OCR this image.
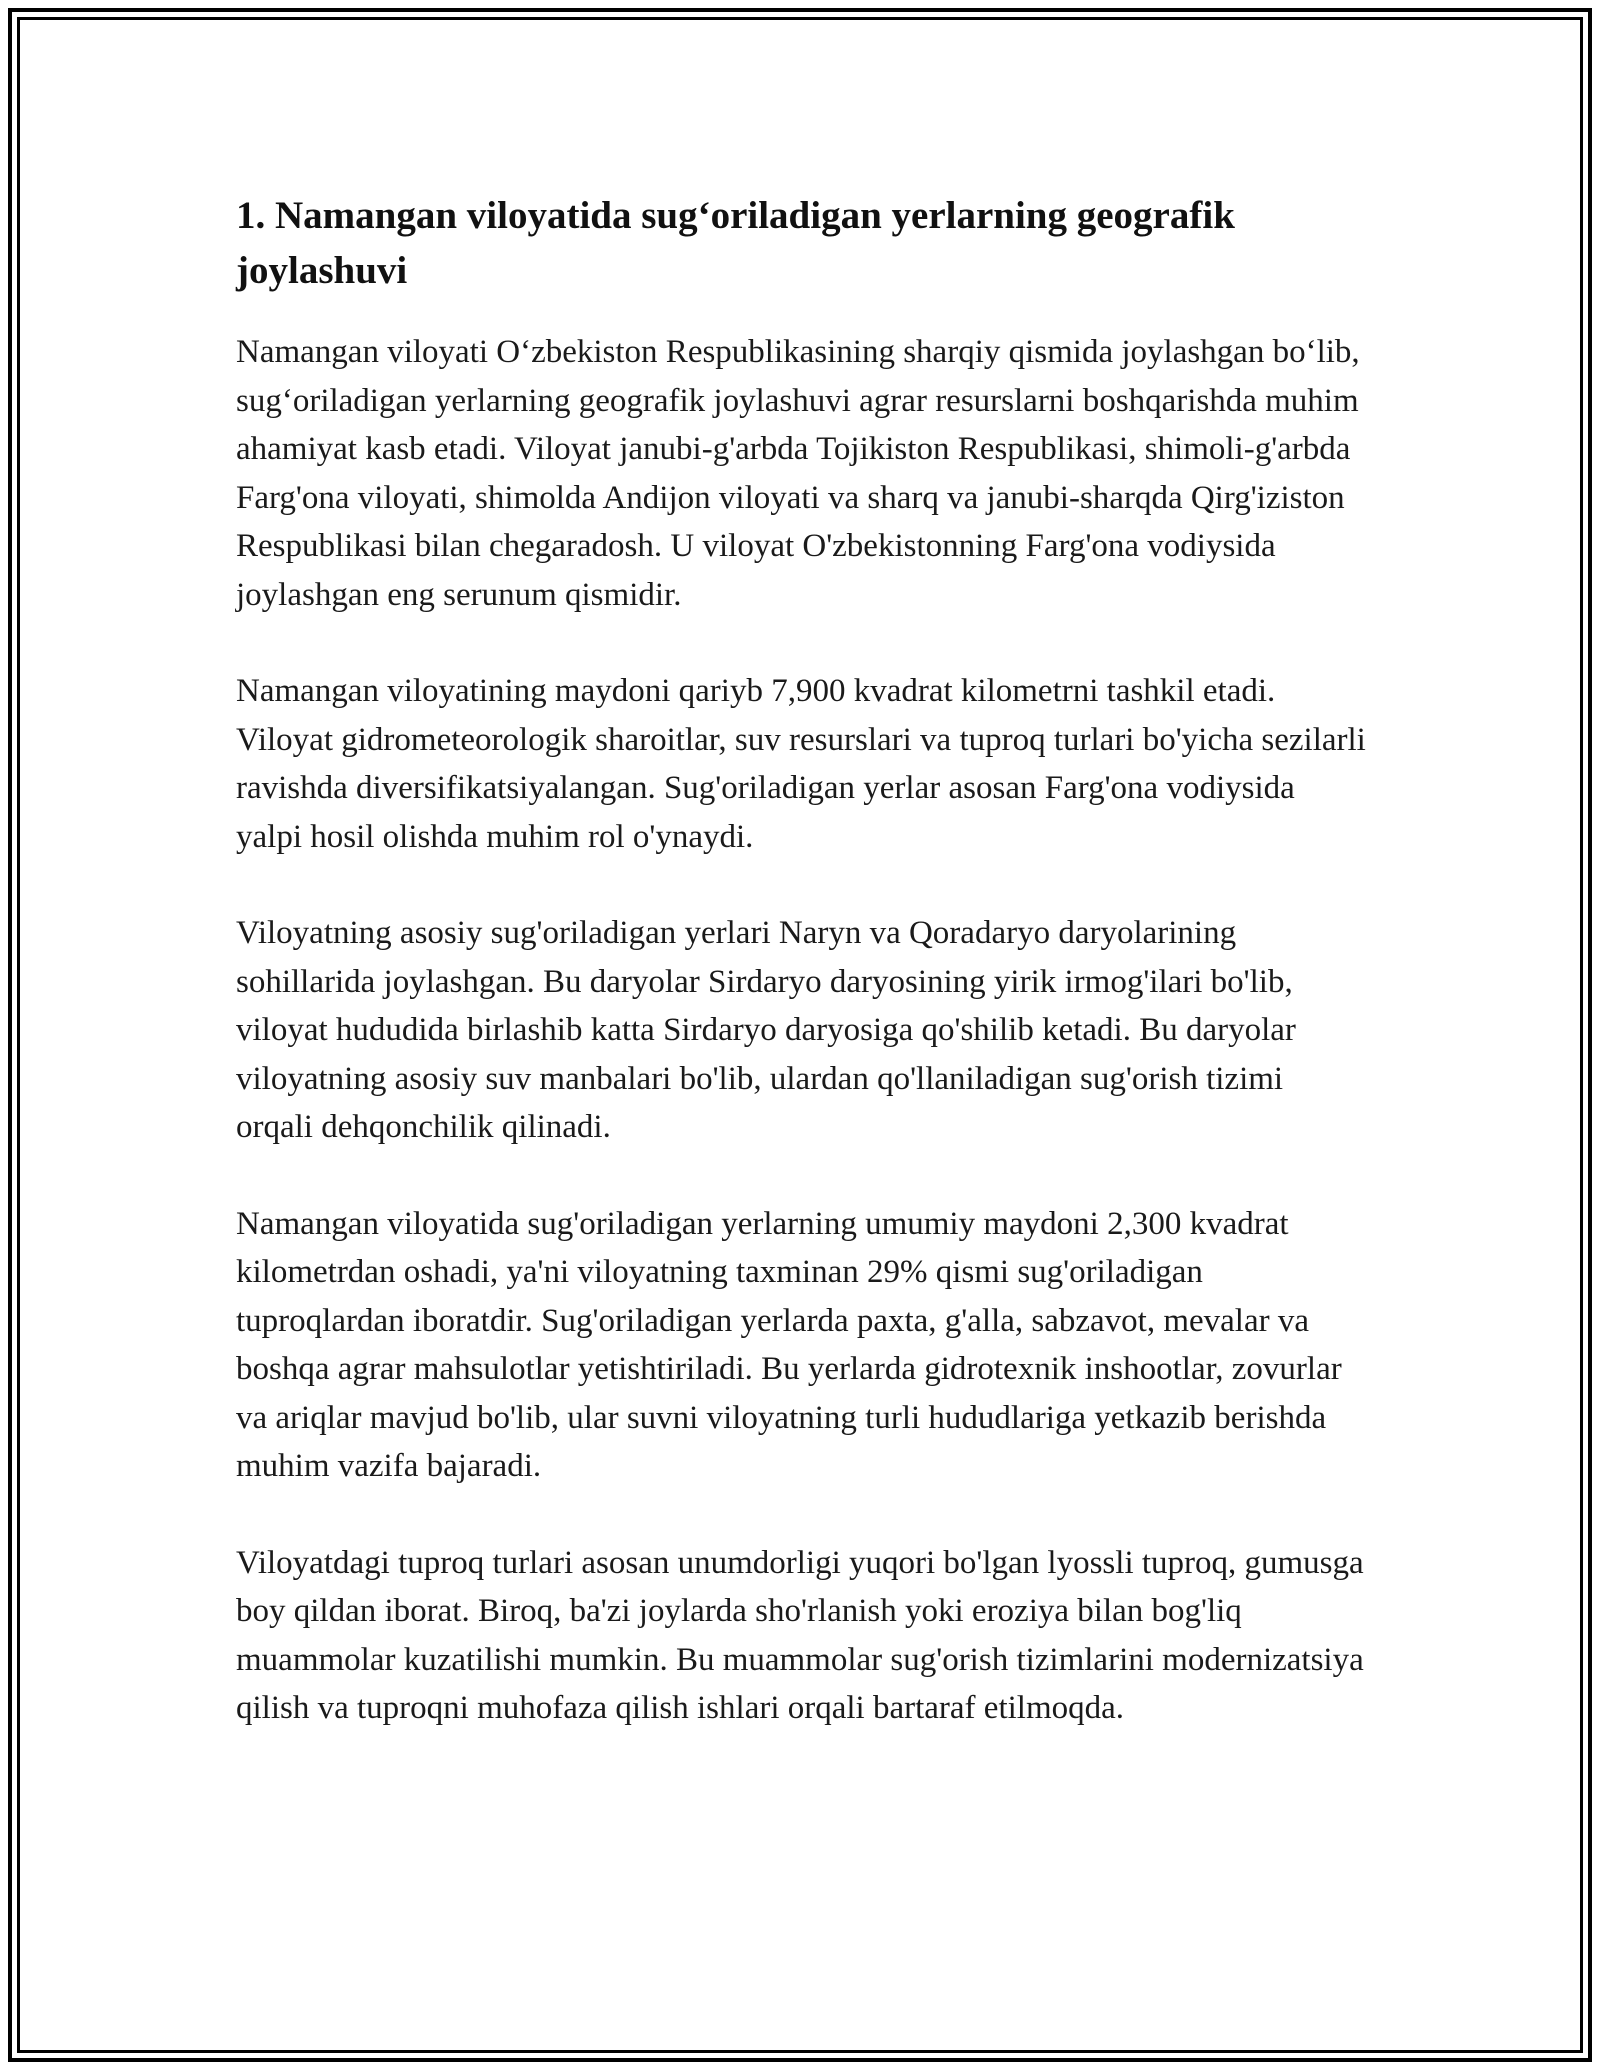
1. Namangan viloyatida sug‘oriladigan yerlarning geografik joylashuvi

Namangan viloyati O‘zbekiston Respublikasining sharqiy qismida joylashgan bo‘lib, sug‘oriladigan yerlarning geografik joylashuvi agrar resurslarni boshqarishda muhim ahamiyat kasb etadi. Viloyat janubi-g'arbda Tojikiston Respublikasi, shimoli-g'arbda Farg'ona viloyati, shimolda Andijon viloyati va sharq va janubi-sharqda Qirg'iziston Respublikasi bilan chegaradosh. U viloyat O'zbekistonning Farg'ona vodiysida joylashgan eng serunum qismidir.

Namangan viloyatining maydoni qariyb 7,900 kvadrat kilometrni tashkil etadi. Viloyat gidrometeorologik sharoitlar, suv resurslari va tuproq turlari bo'yicha sezilarli ravishda diversifikatsiyalangan. Sug'oriladigan yerlar asosan Farg'ona vodiysida yalpi hosil olishda muhim rol o'ynaydi.

Viloyatning asosiy sug'oriladigan yerlari Naryn va Qoradaryo daryolarining sohillarida joylashgan. Bu daryolar Sirdaryo daryosining yirik irmog'ilari bo'lib, viloyat hududida birlashib katta Sirdaryo daryosiga qo'shilib ketadi. Bu daryolar viloyatning asosiy suv manbalari bo'lib, ulardan qo'llaniladigan sug'orish tizimi orqali dehqonchilik qilinadi.

Namangan viloyatida sug'oriladigan yerlarning umumiy maydoni 2,300 kvadrat kilometrdan oshadi, ya'ni viloyatning taxminan 29% qismi sug'oriladigan tuproqlardan iboratdir. Sug'oriladigan yerlarda paxta, g'alla, sabzavot, mevalar va boshqa agrar mahsulotlar yetishtiriladi. Bu yerlarda gidrotexnik inshootlar, zovurlar va ariqlar mavjud bo'lib, ular suvni viloyatning turli hududlariga yetkazib berishda muhim vazifa bajaradi.

Viloyatdagi tuproq turlari asosan unumdorligi yuqori bo'lgan lyossli tuproq, gumusga boy qildan iborat. Biroq, ba'zi joylarda sho'rlanish yoki eroziya bilan bog'liq muammolar kuzatilishi mumkin. Bu muammolar sug'orish tizimlarini modernizatsiya qilish va tuproqni muhofaza qilish ishlari orqali bartaraf etilmoqda.
